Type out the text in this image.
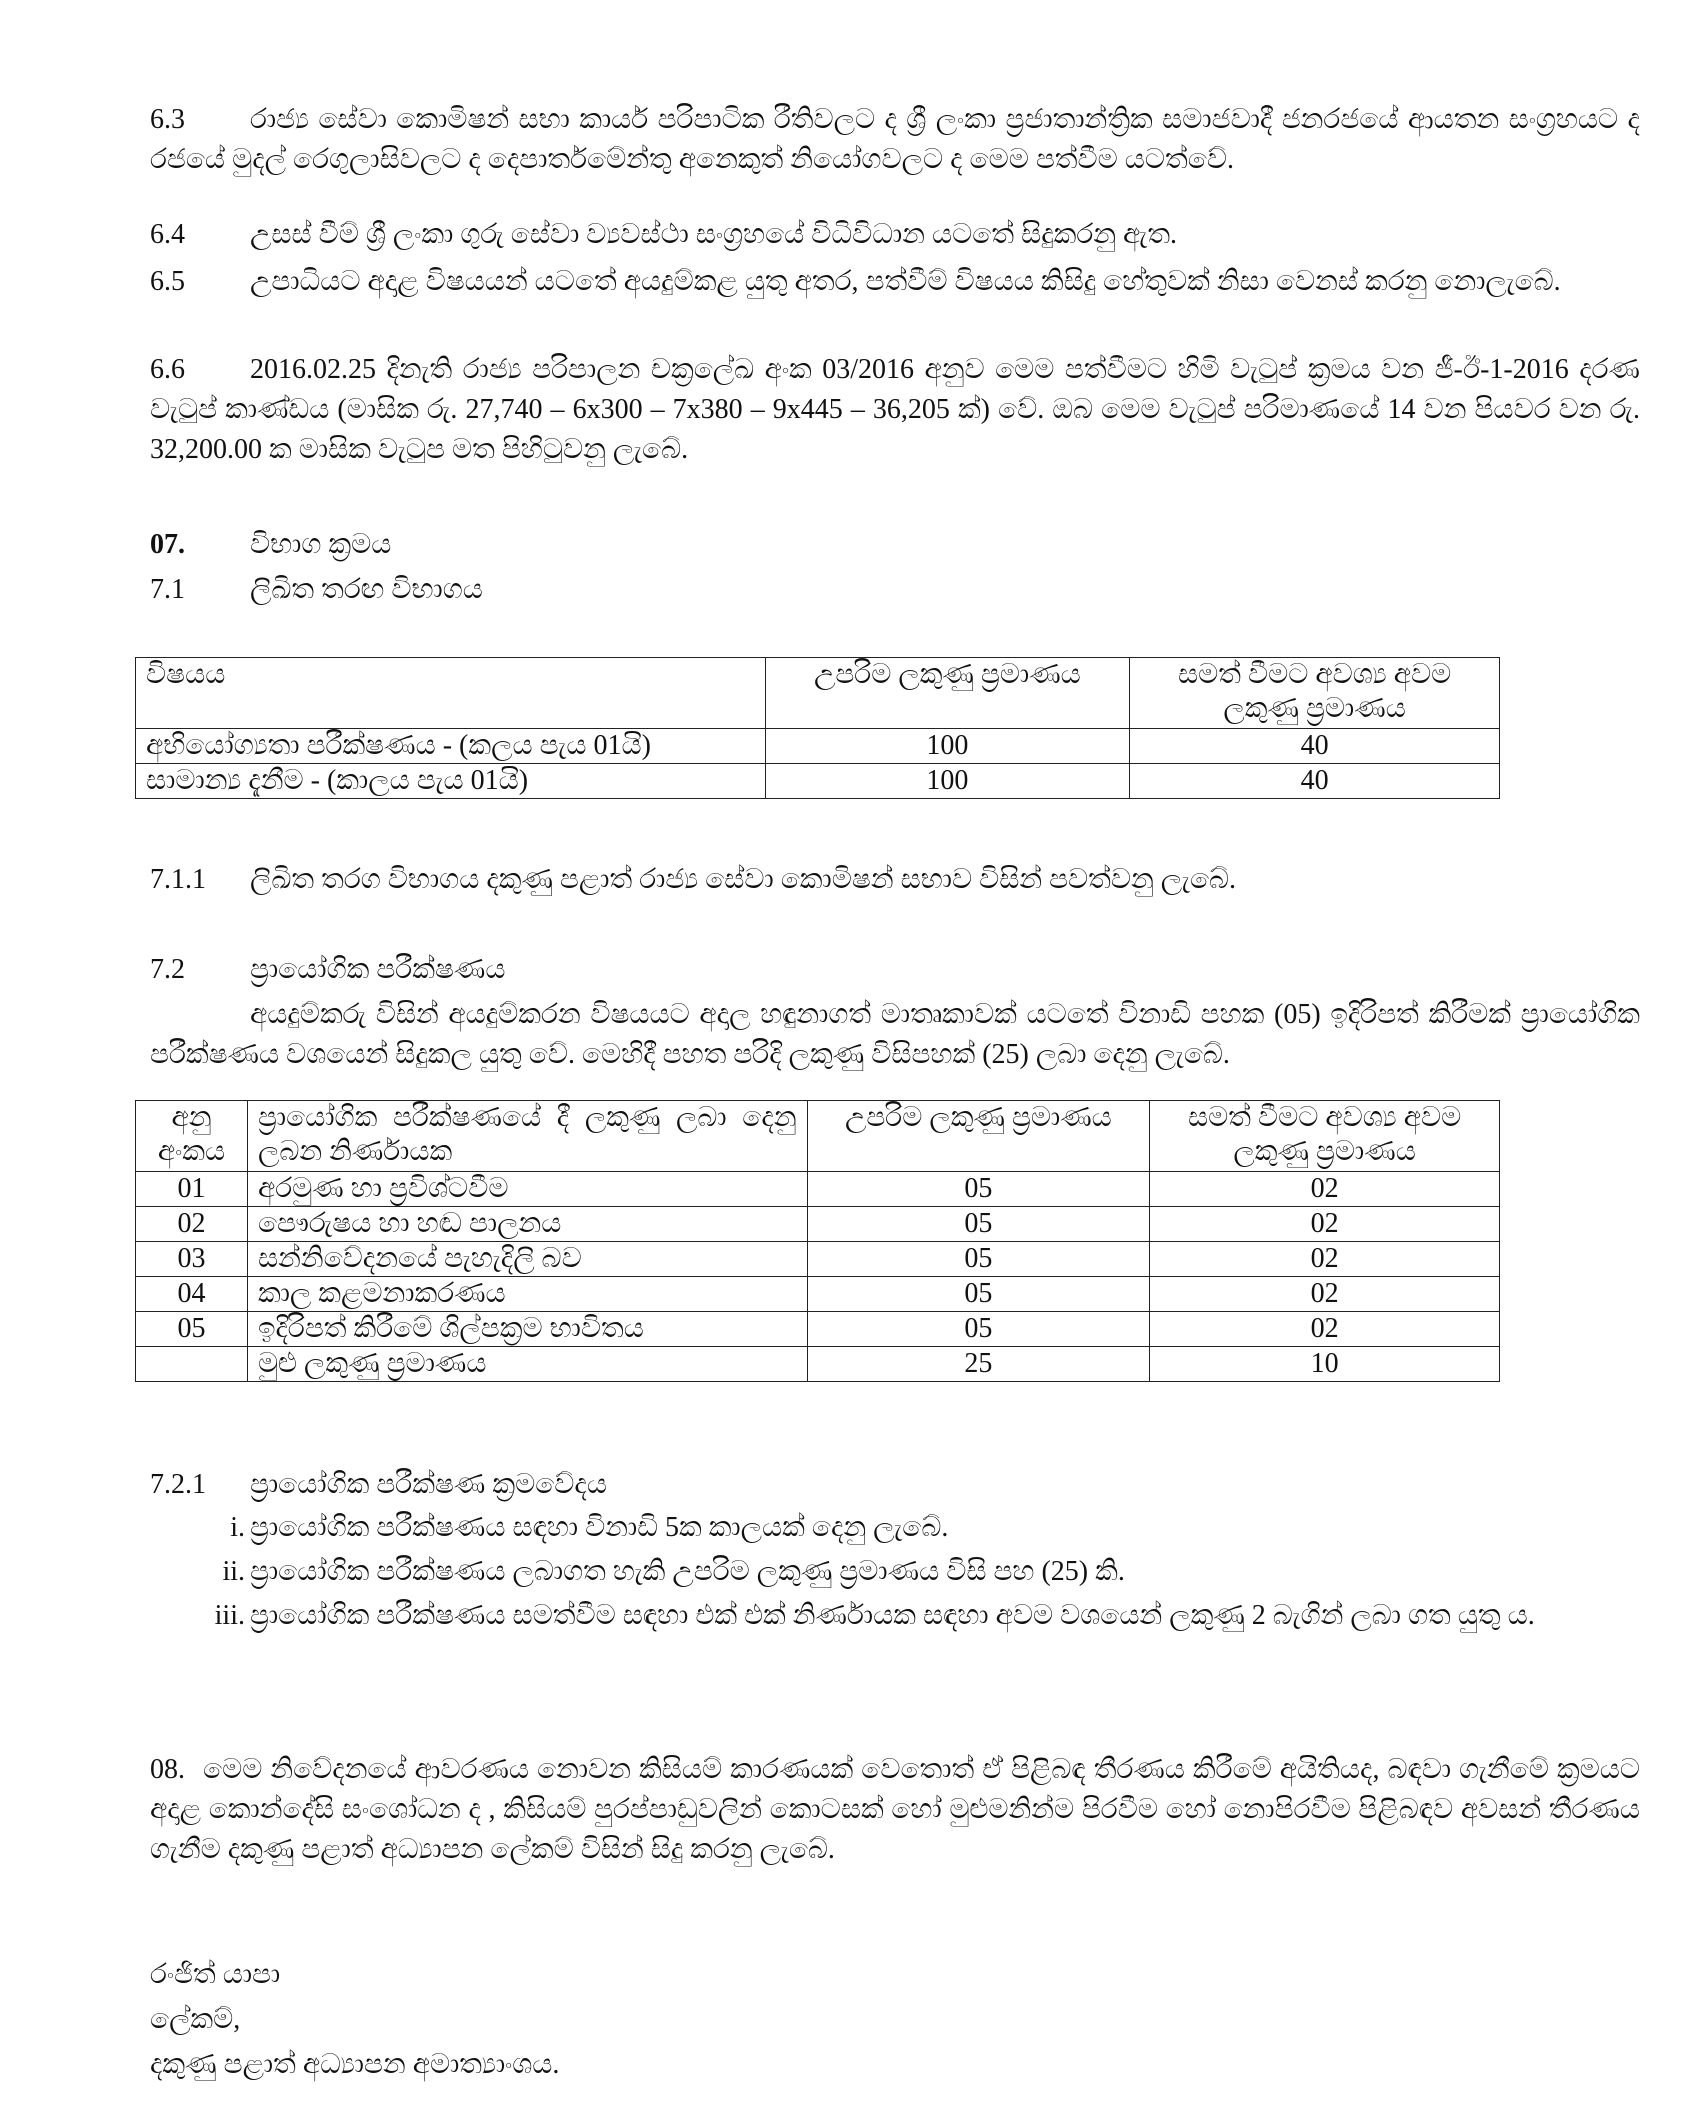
6.3 රාජ්‍ය සේවා කොමිෂන් සභා කාර්ය පරිපාටික රීතිවලට ද ශ්‍රී ලංකා ප්‍රජාතාන්ත්‍රික සමාජවාදී ජනරජයේ ආයතන සංග්‍රහයට ද රජයේ මුදල් රෙගුලාසිවලට ද දෙපාර්තමේන්තු අනෙකුත් නියෝගවලට ද මෙම පත්වීම යටත්වේ.
6.4 උසස් වීම් ශ්‍රී ලංකා ගුරු සේවා ව්‍යවස්ථා සංග්‍රහයේ විධිවිධාන යටතේ සිදුකරනු ඇත.
6.5 උපාධියට අදාළ විෂයයන් යටතේ අයදුම්කළ යුතු අතර, පත්වීම් විෂයය කිසිදු හේතුවක් නිසා වෙනස් කරනු නොලැබේ.
6.6 2016.02.25 දිනැති රාජ්‍ය පරිපාලන චක්‍රලේඛ අංක 03/2016 අනුව මෙම පත්වීමට හිමි වැටුප් ක්‍රමය වන ජී-ඊ-1-2016 දරණ වැටුප් කාණ්ඩය (මාසික රු. 27,740 – 6x300 – 7x380 – 9x445 – 36,205 ක්) වේ. ඔබ මෙම වැටුප් පරිමාණයේ 14 වන පියවර වන රු. 32,200.00 ක මාසික වැටුප මත පිහිටුවනු ලැබේ.
07. විභාග ක්‍රමය
7.1 ලිඛිත තරඟ විභාගය
විෂයය	උපරිම ලකුණු ප්‍රමාණය	සමත් වීමට අවශ්‍ය අවම ලකුණු ප්‍රමාණය
අභියෝග්‍යතා පරීක්ෂණය - (කලය පැය 01යි)	100	40
සාමාන්‍ය දැනීම - (කාලය පැය 01යි)	100	40
7.1.1 ලිඛිත තරග විභාගය දකුණු පළාත් රාජ්‍ය සේවා කොමිෂන් සභාව විසින් පවත්වනු ලැබේ.
7.2 ප්‍රායෝගික පරීක්ෂණය
අයදුම්කරු විසින් අයදුම්කරන විෂයයට අදාල හඳුනාගත් මාතෘකාවක් යටතේ විනාඩි පහක (05) ඉදිරිපත් කිරීමක් ප්‍රායෝගික පරීක්ෂණය වශයෙන් සිදුකල යුතු වේ. මෙහිදී පහත පරිදි ලකුණු විසිපහක් (25) ලබා දෙනු ලැබේ.
අනු අංකය	ප්‍රායෝගික පරීක්ෂණයේ දී ලකුණු ලබා දෙනු ලබන නිර්ණායක	උපරිම ලකුණු ප්‍රමාණය	සමත් වීමට අවශ්‍ය අවම ලකුණු ප්‍රමාණය
01	අරමුණ හා ප්‍රවිශ්ටවීම	05	02
02	පෞරුෂය හා හඬ පාලනය	05	02
03	සන්නිවේදනයේ පැහැදිලි බව	05	02
04	කාල කළමනාකරණය	05	02
05	ඉදිරිපත් කිරීමේ ශිල්පක්‍රම භාවිතය	05	02
	මුළු ලකුණු ප්‍රමාණය	25	10
7.2.1 ප්‍රායෝගික පරීක්ෂණ ක්‍රමවේදය
i. ප්‍රායෝගික පරීක්ෂණය සඳහා විනාඩි 5ක කාලයක් දෙනු ලැබේ.
ii. ප්‍රායෝගික පරීක්ෂණය ලබාගත හැකි උපරිම ලකුණු ප්‍රමාණය විසි පහ (25) කි.
iii. ප්‍රායෝගික පරීක්ෂණය සමත්වීම සඳහා එක් එක් නිර්ණායක සඳහා අවම වශයෙන් ලකුණු 2 බැගින් ලබා ගත යුතු ය.
08. මෙම නිවේදනයේ ආවරණය නොවන කිසියම් කාරණයක් වෙතොත් ඒ පිළිබඳ තීරණය කිරීමේ අයිතියද, බඳවා ගැනීමේ ක්‍රමයට අදාළ කොන්දේසි සංශෝධන ද , කිසියම් පුරප්පාඩුවලින් කොටසක් හෝ මුළුමනින්ම පිරවීම හෝ නොපිරවීම පිළිබඳව අවසන් තීරණය ගැනීම දකුණු පළාත් අධ්‍යාපන ලේකම් විසින් සිදු කරනු ලැබේ.
රංජිත් යාපා
ලේකම්,
දකුණු පළාත් අධ්‍යාපන අමාත්‍යාංශය.
